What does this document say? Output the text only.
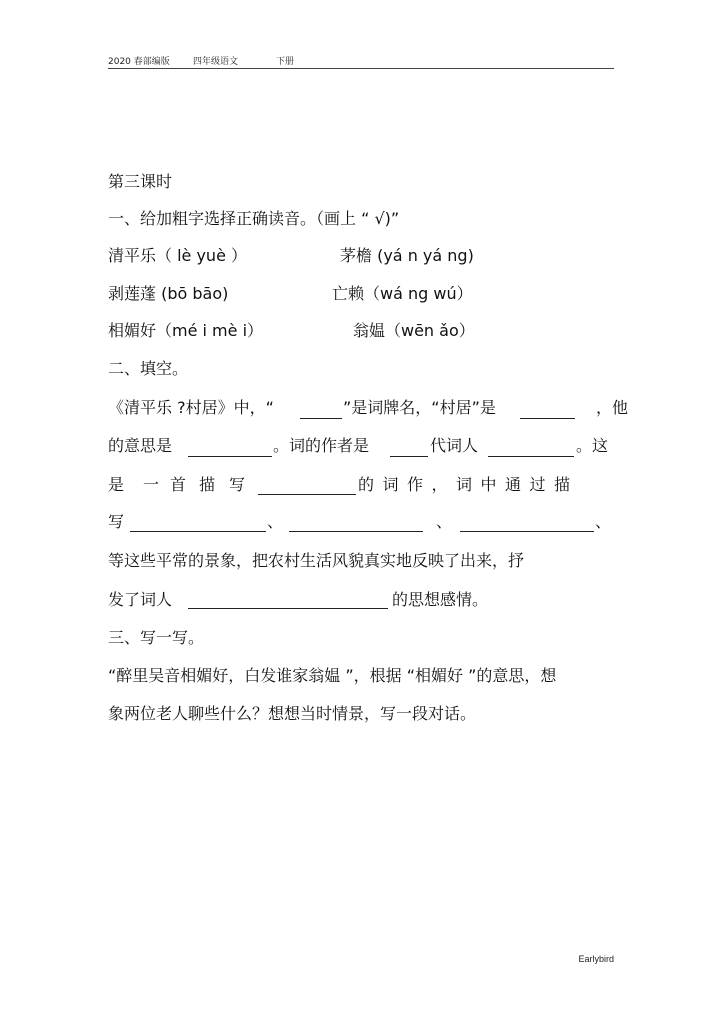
2020 春部编版	四年级语文	下册
第三课时
一、给加粗字选择正确读音。（画上 “ √)”
清平乐（ lè yuè ）	茅檐 (yá n yá ng)
剥莲蓬 (bō bāo)	亡赖（wá ng wú）
相媚好（mé i mè i）	翁媪（wēn ǎo）
二、填空。
《清平乐 ?村居》中，“	”是词牌名，“村居”是	，他
的意思是	。词的作者是	代词人	。这
是 一 首 描 写	的词作，词中通过描
写	、	、	、
等这些平常的景象，把农村生活风貌真实地反映了出来，抒
发了词人	的思想感情。
三、写一写。
“醉里吴音相媚好，白发谁家翁媪 ”，根据 “相媚好 ”的意思，想
象两位老人聊些什么？想想当时情景，写一段对话。
Earlybird
